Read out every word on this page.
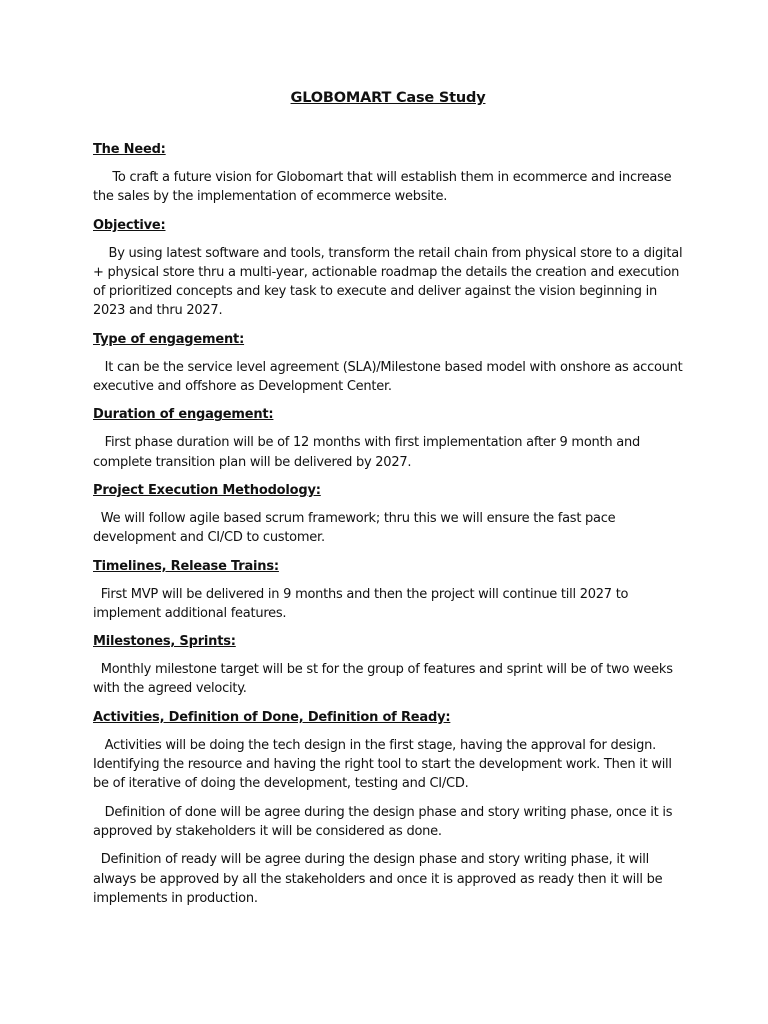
GLOBOMART Case Study
The Need:

To craft a future vision for Globomart that will establish them in ecommerce and increase the sales by the implementation of ecommerce website.

Objective:

By using latest software and tools, transform the retail chain from physical store to a digital + physical store thru a multi-year, actionable roadmap the details the creation and execution of prioritized concepts and key task to execute and deliver against the vision beginning in 2023 and thru 2027.

Type of engagement:

It can be the service level agreement (SLA)/Milestone based model with onshore as account executive and offshore as Development Center.

Duration of engagement:

First phase duration will be of 12 months with first implementation after 9 month and complete transition plan will be delivered by 2027.

Project Execution Methodology:

We will follow agile based scrum framework; thru this we will ensure the fast pace development and CI/CD to customer.

Timelines, Release Trains:

First MVP will be delivered in 9 months and then the project will continue till 2027 to implement additional features.

Milestones, Sprints:

Monthly milestone target will be st for the group of features and sprint will be of two weeks with the agreed velocity.

Activities, Definition of Done, Definition of Ready:

Activities will be doing the tech design in the first stage, having the approval for design. Identifying the resource and having the right tool to start the development work. Then it will be of iterative of doing the development, testing and CI/CD.

Definition of done will be agree during the design phase and story writing phase, once it is approved by stakeholders it will be considered as done.

Definition of ready will be agree during the design phase and story writing phase, it will always be approved by all the stakeholders and once it is approved as ready then it will be implements in production.
